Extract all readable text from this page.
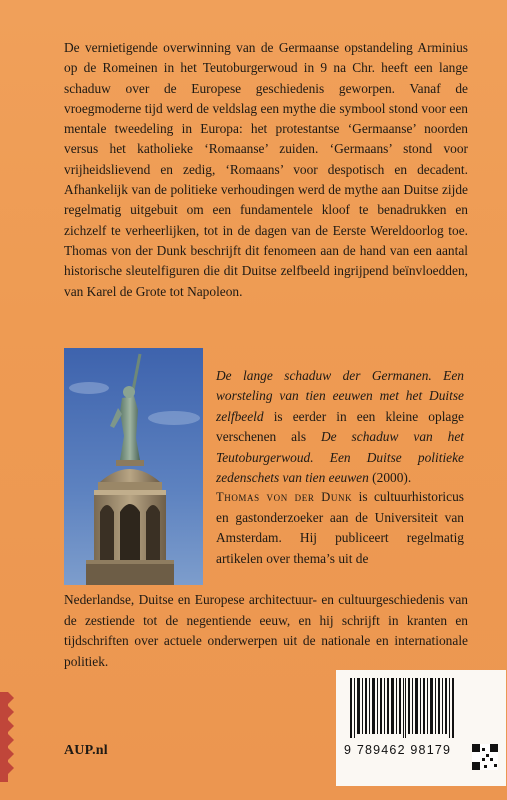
De vernietigende overwinning van de Germaanse opstandeling Arminius op de Romeinen in het Teutoburgerwoud in 9 na Chr. heeft een lange schaduw over de Europese geschiedenis geworpen. Vanaf de vroegmoderne tijd werd de veldslag een mythe die symbool stond voor een mentale tweedeling in Europa: het protestantse ‘Germaanse’ noorden versus het katholieke ‘Romaanse’ zuiden. ‘Germaans’ stond voor vrijheidslievend en zedig, ‘Romaans’ voor despotisch en decadent. Afhankelijk van de politieke verhoudingen werd de mythe aan Duitse zijde regelmatig uitgebuit om een fundamentele kloof te benadrukken en zichzelf te verheerlijken, tot in de dagen van de Eerste Wereldoorlog toe. Thomas von der Dunk beschrijft dit fenomeen aan de hand van een aantal historische sleutelfiguren die dit Duitse zelfbeeld ingrijpend beïnvloedden, van Karel de Grote tot Napoleon.

De lange schaduw der Germanen. Een worsteling van tien eeuwen met het Duitse zelfbeeld is eerder in een kleine oplage verschenen als De schaduw van het Teutoburgerwoud. Een Duitse politieke zedenschets van tien eeuwen (2000).
Thomas von der Dunk is cultuurhistoricus en gastonderzoeker aan de Universiteit van Amsterdam. Hij publiceert regelmatig artikelen over thema’s uit de
Nederlandse, Duitse en Europese architectuur- en cultuurgeschiedenis van de zestiende tot de negentiende eeuw, en hij schrijft in kranten en tijdschriften over actuele onderwerpen uit de nationale en internationale politiek.
AUP.nl	9 789462 98179
